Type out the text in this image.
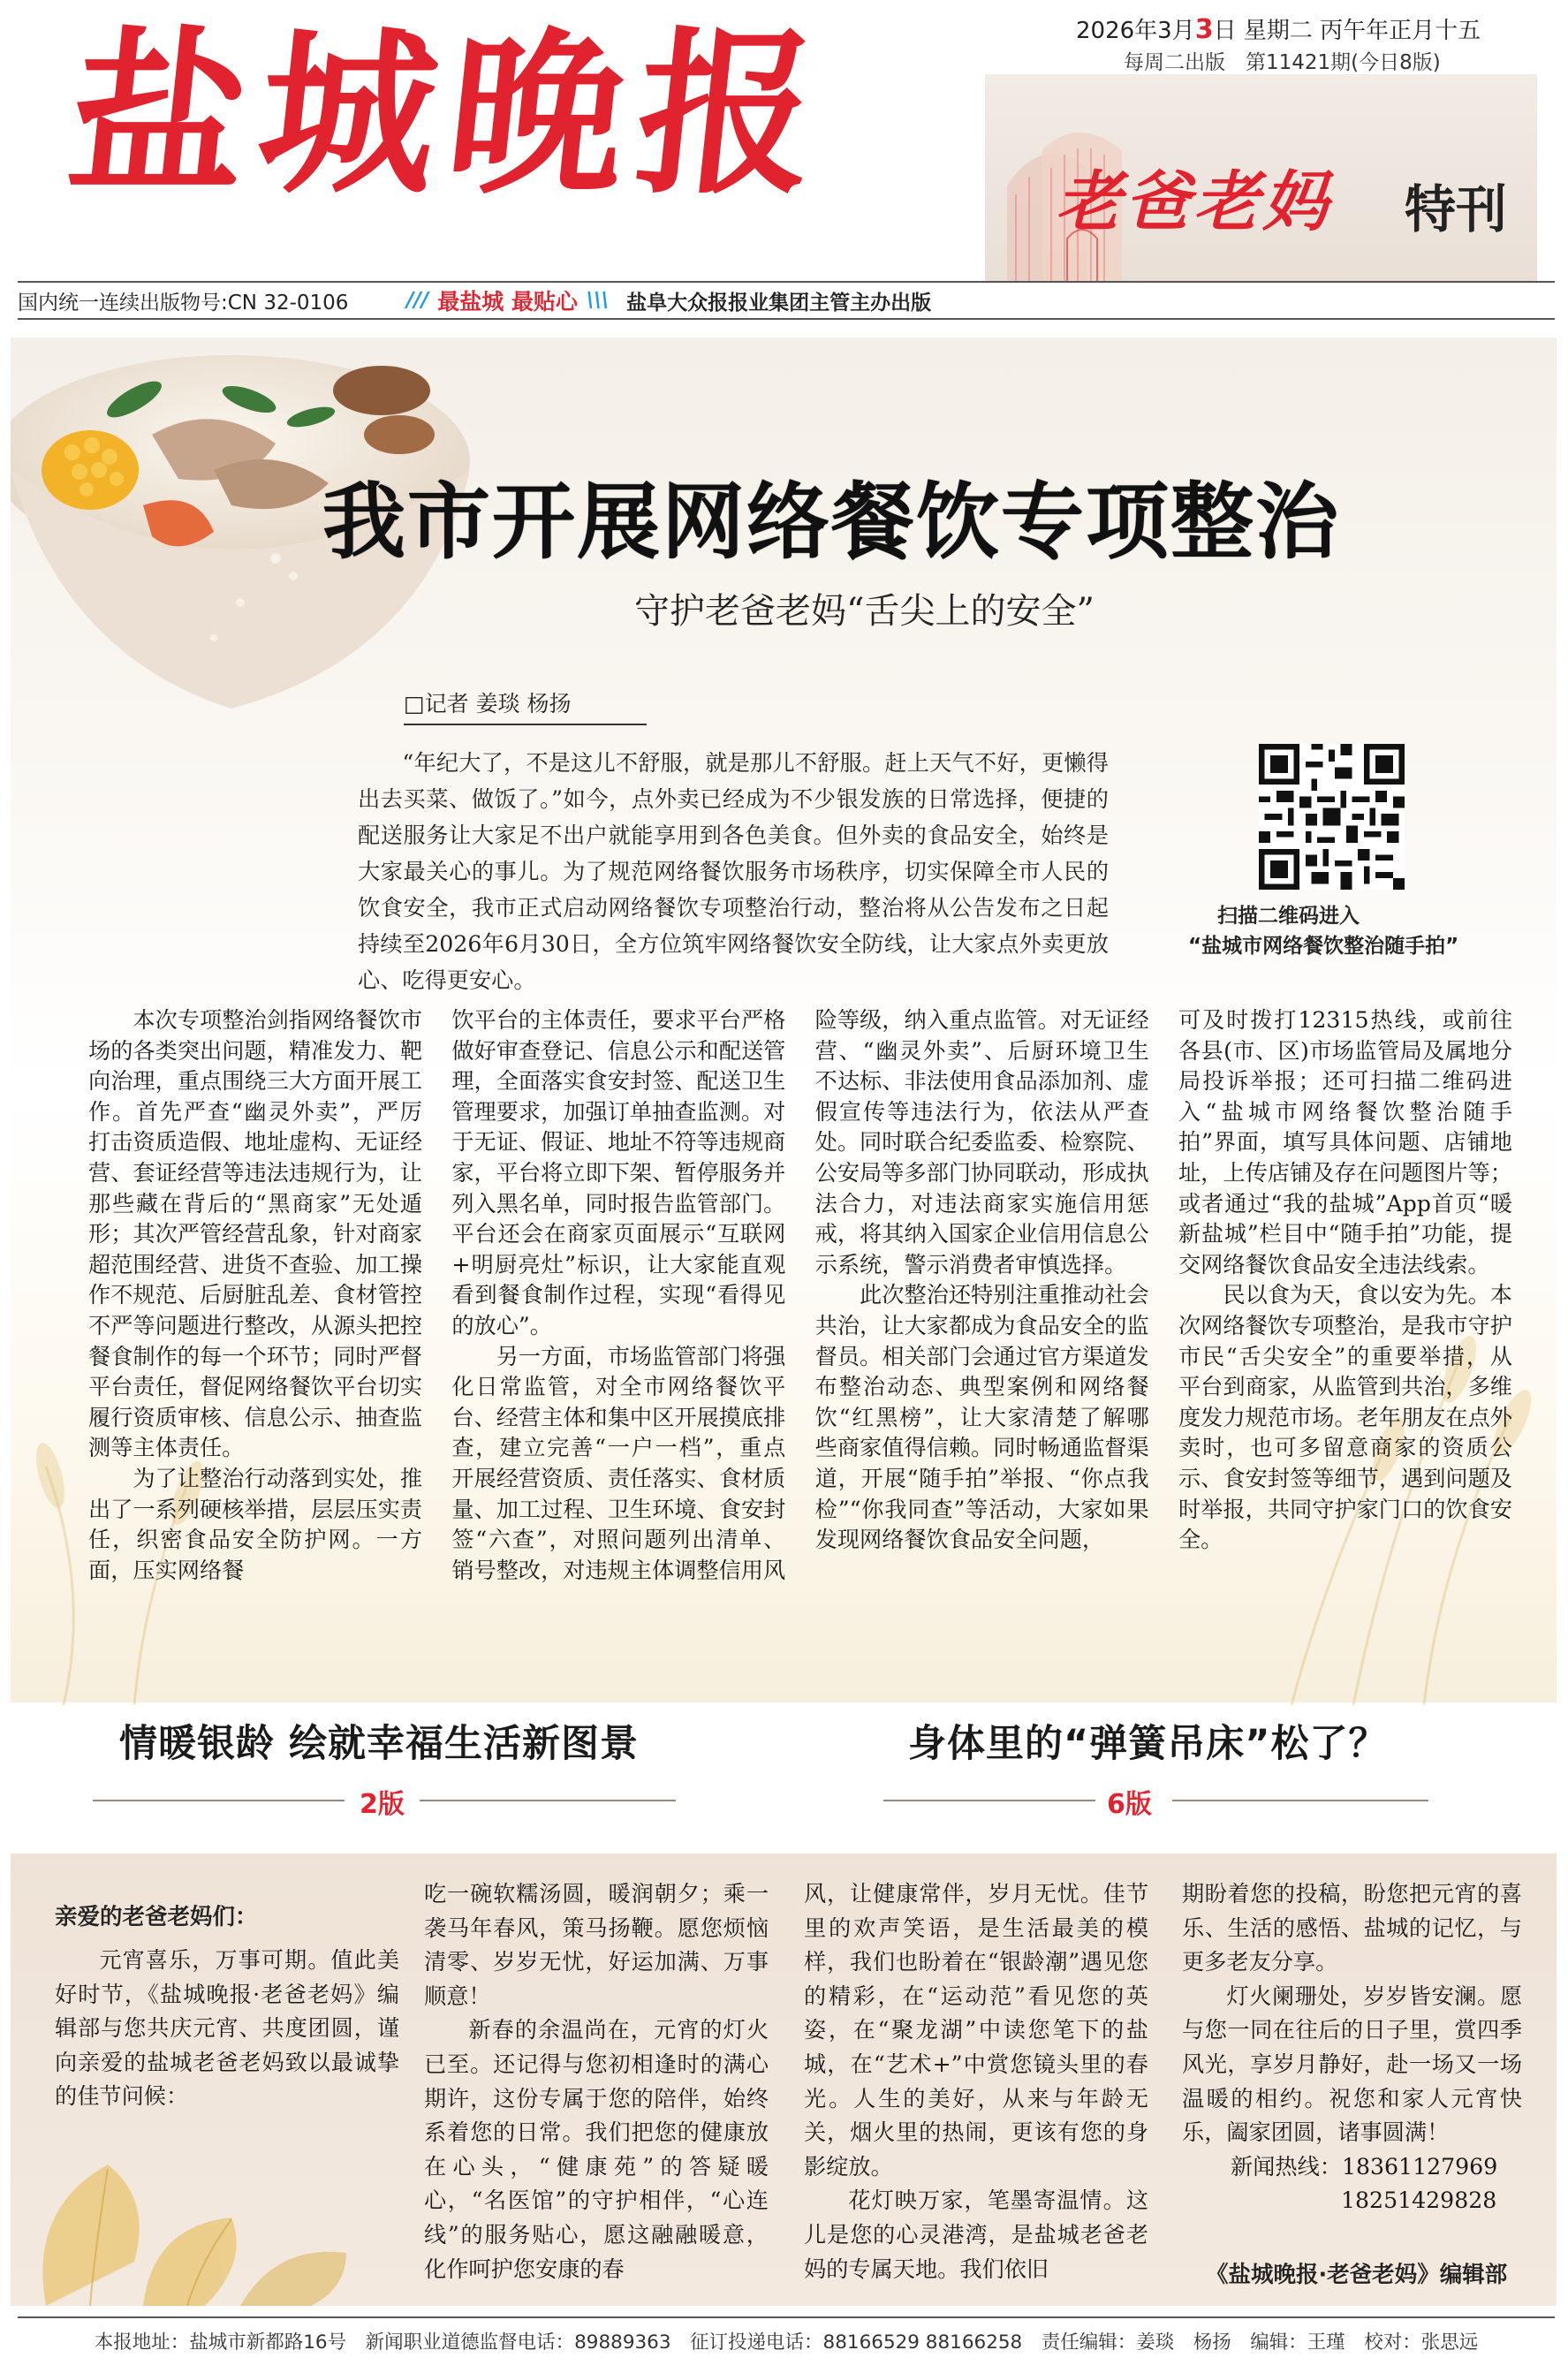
盐城晚报	2026年3月3日 星期二 丙午年正月十五
每周二出版　第11421期(今日8版)
老爸老妈 特刊
国内统一连续出版物号:CN 32-0106	/// 最盐城 最贴心 \\\ 盐阜大众报报业集团主管主办出版
我市开展网络餐饮专项整治
守护老爸老妈“舌尖上的安全”
□记者 姜琰 杨扬

“年纪大了，不是这儿不舒服，就是那儿不舒服。赶上天气不好，更懒得出去买菜、做饭了。”如今，点外卖已经成为不少银发族的日常选择，便捷的配送服务让大家足不出户就能享用到各色美食。但外卖的食品安全，始终是大家最关心的事儿。为了规范网络餐饮服务市场秩序，切实保障全市人民的饮食安全，我市正式启动网络餐饮专项整治行动，整治将从公告发布之日起持续至2026年6月30日，全方位筑牢网络餐饮安全防线，让大家点外卖更放心、吃得更安心。

扫描二维码进入
“盐城市网络餐饮整治随手拍”

本次专项整治剑指网络餐饮市场的各类突出问题，精准发力、靶向治理，重点围绕三大方面开展工作。首先严查“幽灵外卖”，严厉打击资质造假、地址虚构、无证经营、套证经营等违法违规行为，让那些藏在背后的“黑商家”无处遁形；其次严管经营乱象，针对商家超范围经营、进货不查验、加工操作不规范、后厨脏乱差、食材管控不严等问题进行整改，从源头把控餐食制作的每一个环节；同时严督平台责任，督促网络餐饮平台切实履行资质审核、信息公示、抽查监测等主体责任。

为了让整治行动落到实处，推出了一系列硬核举措，层层压实责任，织密食品安全防护网。一方面，压实网络餐

饮平台的主体责任，要求平台严格做好审查登记、信息公示和配送管理，全面落实食安封签、配送卫生管理要求，加强订单抽查监测。对于无证、假证、地址不符等违规商家，平台将立即下架、暂停服务并列入黑名单，同时报告监管部门。平台还会在商家页面展示“互联网+明厨亮灶”标识，让大家能直观看到餐食制作过程，实现“看得见的放心”。

另一方面，市场监管部门将强化日常监管，对全市网络餐饮平台、经营主体和集中区开展摸底排查，建立完善“一户一档”，重点开展经营资质、责任落实、食材质量、加工过程、卫生环境、食安封签“六查”，对照问题列出清单、销号整改，对违规主体调整信用风

险等级，纳入重点监管。对无证经营、“幽灵外卖”、后厨环境卫生不达标、非法使用食品添加剂、虚假宣传等违法行为，依法从严查处。同时联合纪委监委、检察院、公安局等多部门协同联动，形成执法合力，对违法商家实施信用惩戒，将其纳入国家企业信用信息公示系统，警示消费者审慎选择。

此次整治还特别注重推动社会共治，让大家都成为食品安全的监督员。相关部门会通过官方渠道发布整治动态、典型案例和网络餐饮“红黑榜”，让大家清楚了解哪些商家值得信赖。同时畅通监督渠道，开展“随手拍”举报、“你点我检”“你我同查”等活动，大家如果发现网络餐饮食品安全问题，

可及时拨打12315热线，或前往各县(市、区)市场监管局及属地分局投诉举报；还可扫描二维码进入“盐城市网络餐饮整治随手拍”界面，填写具体问题、店铺地址，上传店铺及存在问题图片等；或者通过“我的盐城”App首页“暖新盐城”栏目中“随手拍”功能，提交网络餐饮食品安全违法线索。

民以食为天，食以安为先。本次网络餐饮专项整治，是我市守护市民“舌尖安全”的重要举措，从平台到商家，从监管到共治，多维度发力规范市场。老年朋友在点外卖时，也可多留意商家的资质公示、食安封签等细节，遇到问题及时举报，共同守护家门口的饮食安全。

情暖银龄 绘就幸福生活新图景
2版
身体里的“弹簧吊床”松了？
6版
亲爱的老爸老妈们：

元宵喜乐，万事可期。值此美好时节，《盐城晚报·老爸老妈》编辑部与您共庆元宵、共度团圆，谨向亲爱的盐城老爸老妈致以最诚挚的佳节问候：

吃一碗软糯汤圆，暖润朝夕；乘一袭马年春风，策马扬鞭。愿您烦恼清零、岁岁无忧，好运加满、万事顺意！

新春的余温尚在，元宵的灯火已至。还记得与您初相逢时的满心期许，这份专属于您的陪伴，始终系着您的日常。我们把您的健康放在心头，“健康苑”的答疑暖心，“名医馆”的守护相伴，“心连线”的服务贴心，愿这融融暖意，化作呵护您安康的春

风，让健康常伴，岁月无忧。佳节里的欢声笑语，是生活最美的模样，我们也盼着在“银龄潮”遇见您的精彩，在“运动范”看见您的英姿，在“聚龙湖”中读您笔下的盐城，在“艺术+”中赏您镜头里的春光。人生的美好，从来与年龄无关，烟火里的热闹，更该有您的身影绽放。

花灯映万家，笔墨寄温情。这儿是您的心灵港湾，是盐城老爸老妈的专属天地。我们依旧

期盼着您的投稿，盼您把元宵的喜乐、生活的感悟、盐城的记忆，与更多老友分享。

灯火阑珊处，岁岁皆安澜。愿与您一同在往后的日子里，赏四季风光，享岁月静好，赴一场又一场温暖的相约。祝您和家人元宵快乐，阖家团圆，诸事圆满！

新闻热线：18361127969

18251429828

《盐城晚报·老爸老妈》编辑部
本报地址：盐城市新都路16号　新闻职业道德监督电话：89889363　征订投递电话：88166529 88166258　责任编辑：姜琰　杨扬　编辑：王瑾　校对：张思远
